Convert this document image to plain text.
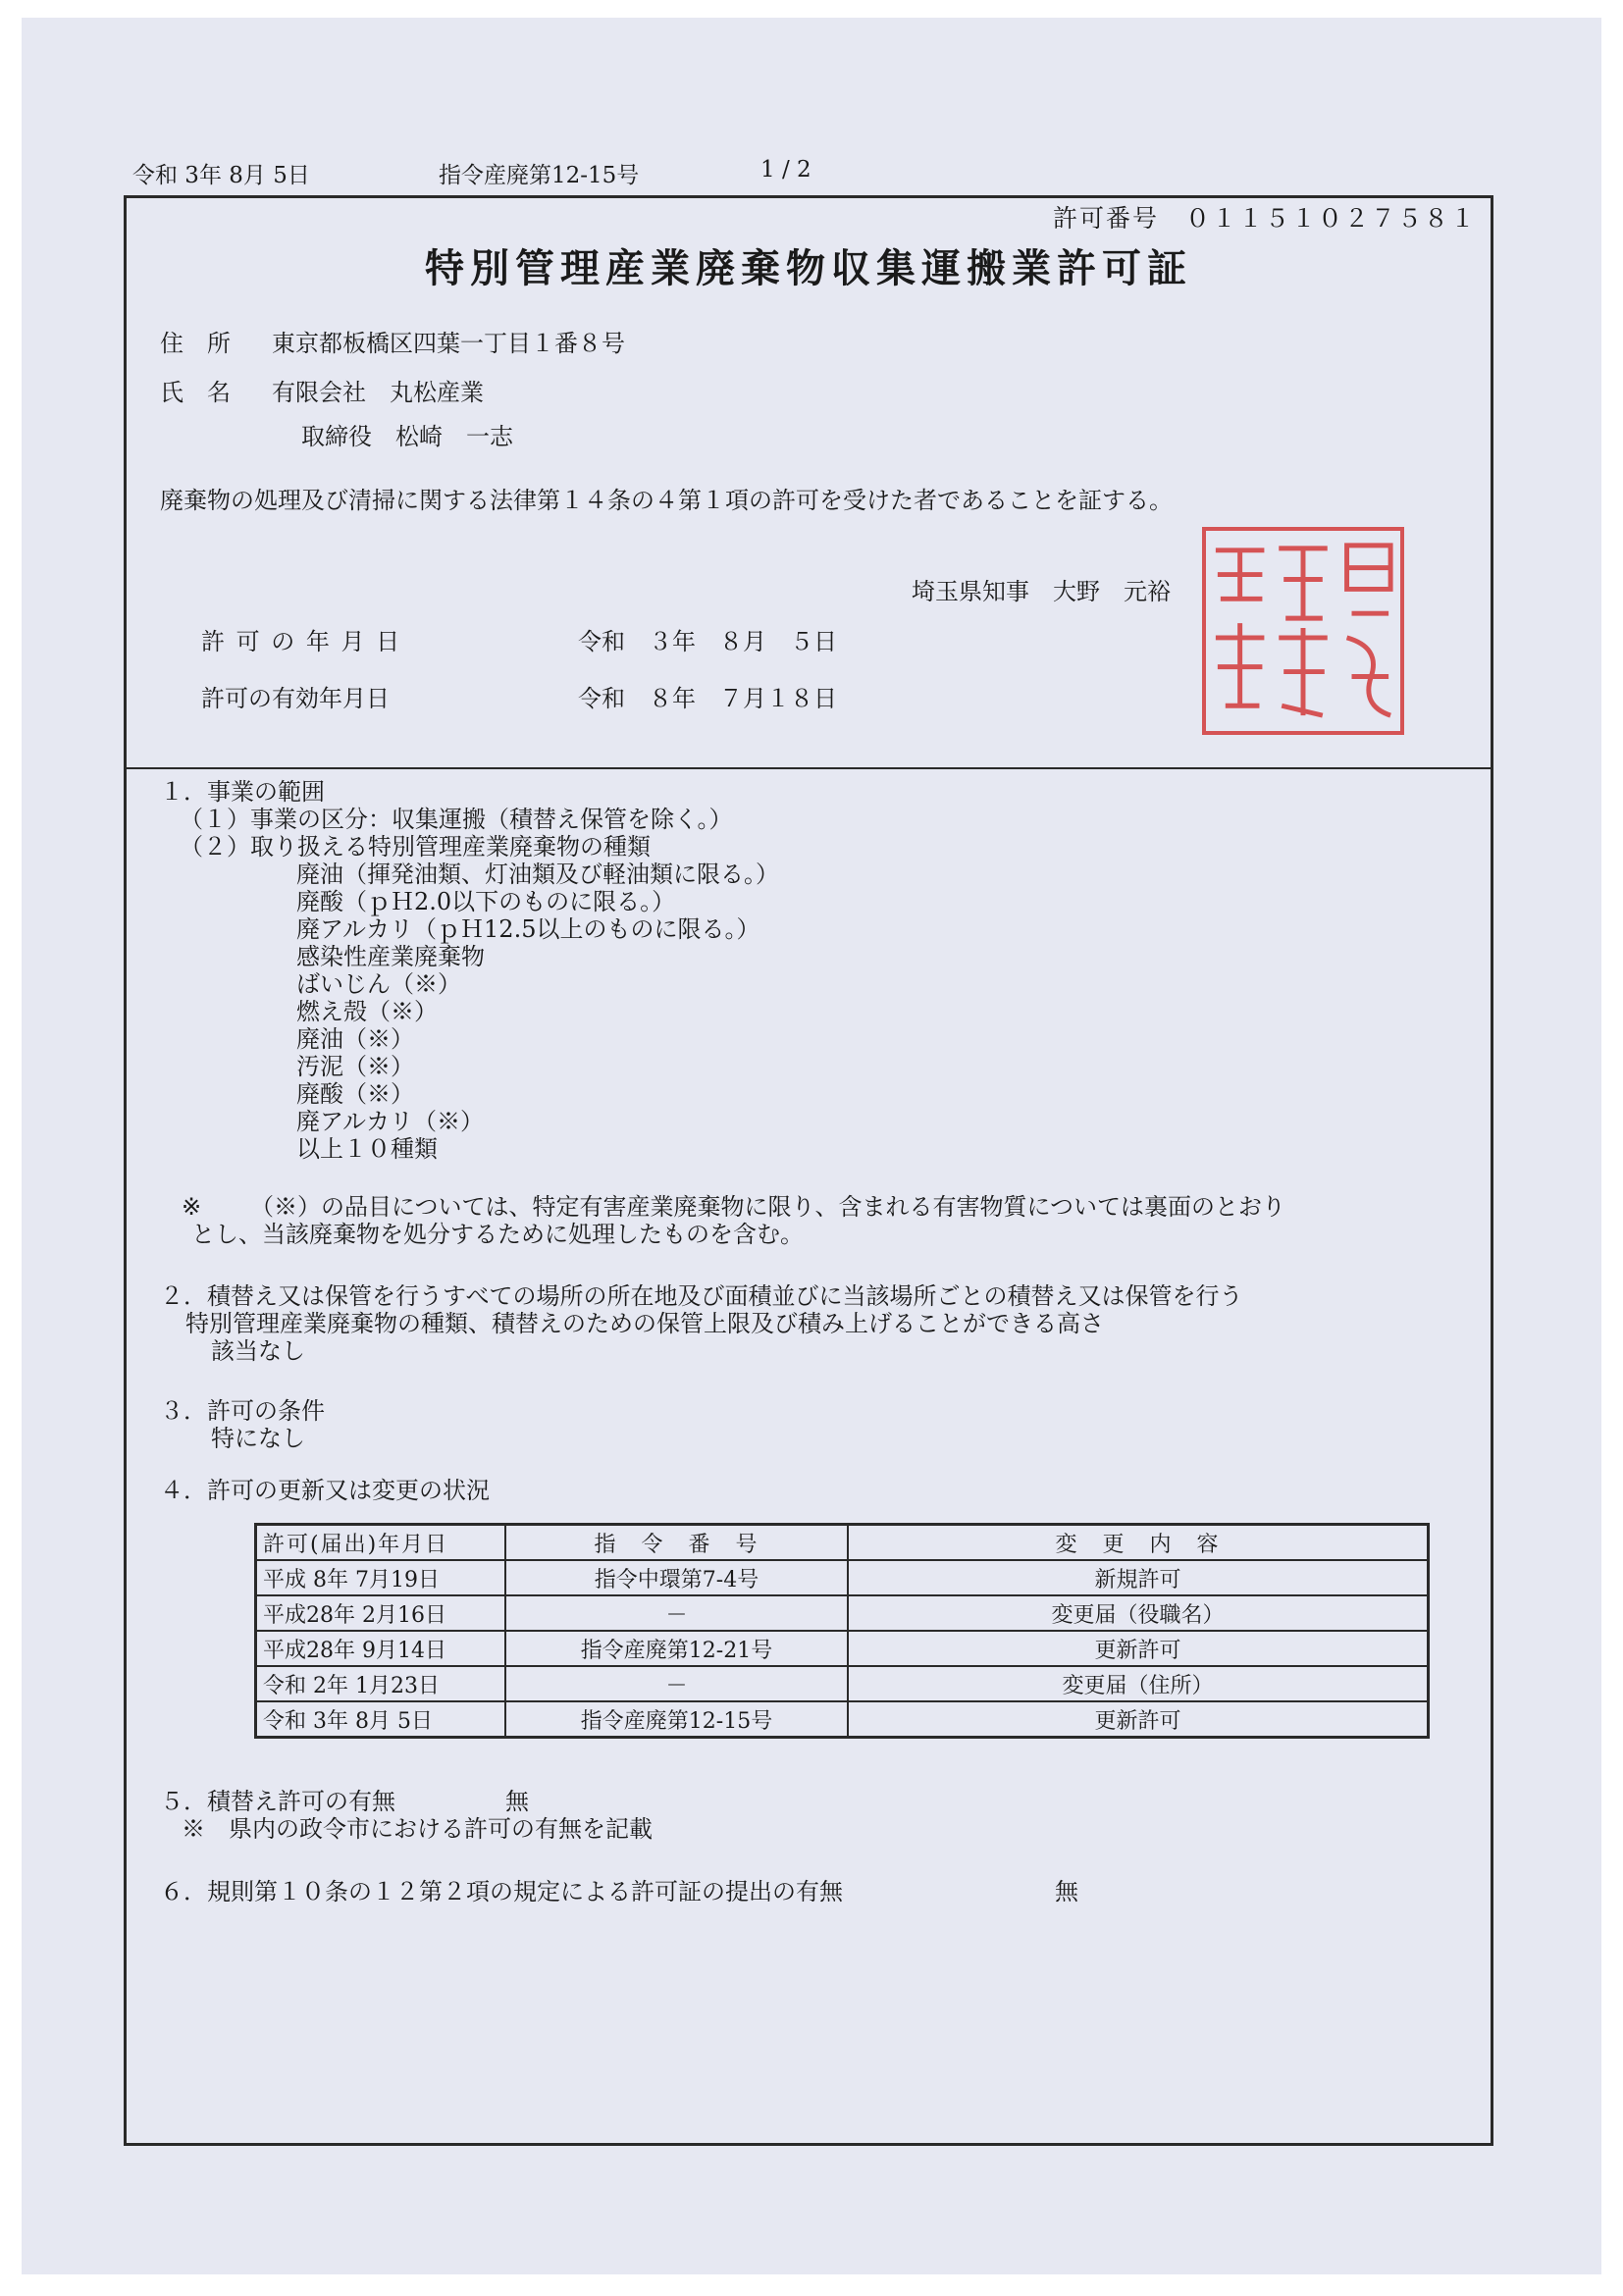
令和 3年 8月 5日

	指令産廃第12-15号

	1 / 2

許可番号　０１１５１０２７５８１
特別管理産業廃棄物収集運搬業許可証
住　所 東京都板橋区四葉一丁目１番８号
氏　名 有限会社　丸松産業
取締役　松崎　一志
廃棄物の処理及び清掃に関する法律第１４条の４第１項の許可を受けた者であることを証する。
埼玉県知事　大野　元裕
許 可 の 年 月 日	令和　３年　８月　５日
許可の有効年月日	令和　８年　７月１８日
１．事業の範囲
（１）事業の区分：収集運搬（積替え保管を除く。）
（２）取り扱える特別管理産業廃棄物の種類
廃油（揮発油類、灯油類及び軽油類に限る。）
廃酸（ｐＨ2.0以下のものに限る。）
廃アルカリ（ｐＨ12.5以上のものに限る。）
感染性産業廃棄物
ばいじん（※）
燃え殻（※）
廃油（※）
汚泥（※）
廃酸（※）
廃アルカリ（※）
以上１０種類
※ （※）の品目については、特定有害産業廃棄物に限り、含まれる有害物質については裏面のとおり
とし、当該廃棄物を処分するために処理したものを含む。
２．積替え又は保管を行うすべての場所の所在地及び面積並びに当該場所ごとの積替え又は保管を行う
特別管理産業廃棄物の種類、積替えのための保管上限及び積み上げることができる高さ
該当なし
３．許可の条件
特になし
４．許可の更新又は変更の状況
許可(届出)年月日	指　令　番　号	変　更　内　容
平成 8年 7月19日	指令中環第7-4号	新規許可
平成28年 2月16日	－	変更届（役職名）
平成28年 9月14日	指令産廃第12-21号	更新許可
令和 2年 1月23日	－	変更届（住所）
令和 3年 8月 5日	指令産廃第12-15号	更新許可
５．積替え許可の有無	無
※　県内の政令市における許可の有無を記載
６．規則第１０条の１２第２項の規定による許可証の提出の有無	無
